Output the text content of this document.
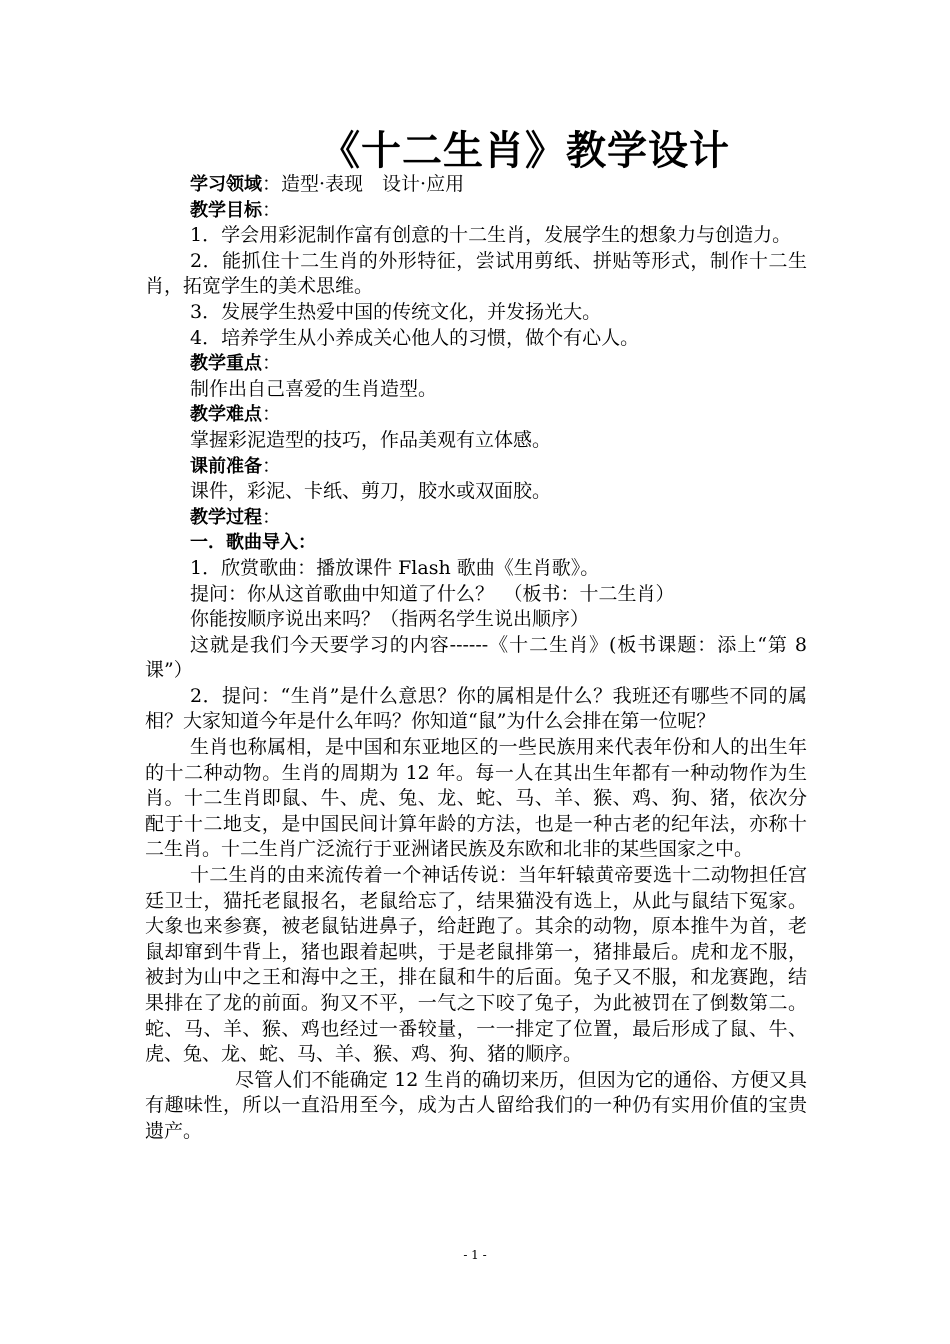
《十二生肖》教学设计

学习领域：造型·表现　设计·应用

教学目标：

1．学会用彩泥制作富有创意的十二生肖，发展学生的想象力与创造力。

2．能抓住十二生肖的外形特征，尝试用剪纸、拼贴等形式，制作十二生肖，拓宽学生的美术思维。

3．发展学生热爱中国的传统文化，并发扬光大。

4．培养学生从小养成关心他人的习惯，做个有心人。

教学重点：

制作出自己喜爱的生肖造型。

教学难点：

掌握彩泥造型的技巧，作品美观有立体感。

课前准备：

课件，彩泥、卡纸、剪刀，胶水或双面胶。

教学过程：

一．歌曲导入：

1．欣赏歌曲：播放课件 Flash 歌曲《生肖歌》。

提问：你从这首歌曲中知道了什么？　（板书：十二生肖）

你能按顺序说出来吗？（指两名学生说出顺序）

这就是我们今天要学习的内容------《十二生肖》(板书课题：添上“第 8 课”）

2．提问：“生肖”是什么意思？你的属相是什么？我班还有哪些不同的属相？大家知道今年是什么年吗？你知道“鼠”为什么会排在第一位呢？

生肖也称属相，是中国和东亚地区的一些民族用来代表年份和人的出生年的十二种动物。生肖的周期为 12 年。每一人在其出生年都有一种动物作为生肖。十二生肖即鼠、牛、虎、兔、龙、蛇、马、羊、猴、鸡、狗、猪，依次分配于十二地支，是中国民间计算年龄的方法，也是一种古老的纪年法，亦称十二生肖。十二生肖广泛流行于亚洲诸民族及东欧和北非的某些国家之中。

十二生肖的由来流传着一个神话传说：当年轩辕黄帝要选十二动物担任宫廷卫士，猫托老鼠报名，老鼠给忘了，结果猫没有选上，从此与鼠结下冤家。大象也来参赛，被老鼠钻进鼻子，给赶跑了。其余的动物，原本推牛为首，老鼠却窜到牛背上，猪也跟着起哄，于是老鼠排第一，猪排最后。虎和龙不服，被封为山中之王和海中之王，排在鼠和牛的后面。兔子又不服，和龙赛跑，结果排在了龙的前面。狗又不平，一气之下咬了兔子，为此被罚在了倒数第二。蛇、马、羊、猴、鸡也经过一番较量，一一排定了位置，最后形成了鼠、牛、虎、兔、龙、蛇、马、羊、猴、鸡、狗、猪的顺序。

尽管人们不能确定 12 生肖的确切来历，但因为它的通俗、方便又具有趣味性，所以一直沿用至今，成为古人留给我们的一种仍有实用价值的宝贵遗产。

- 1 -
